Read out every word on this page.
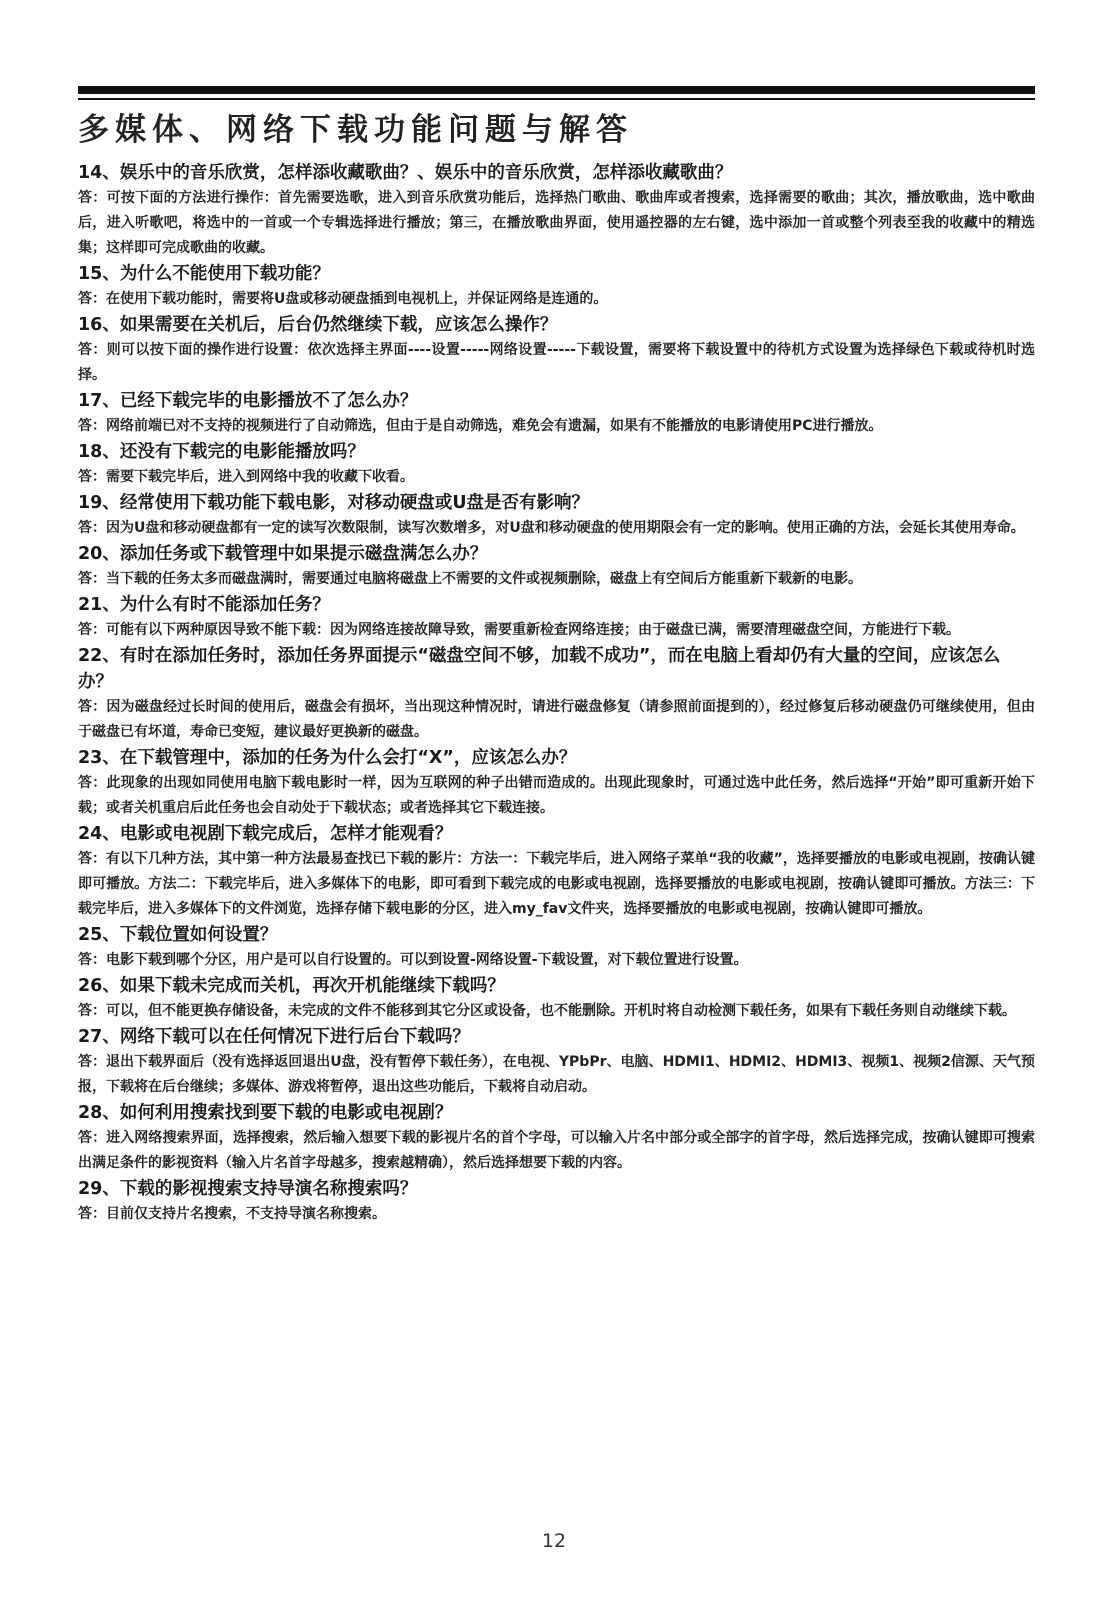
多媒体、网络下载功能问题与解答

14、娱乐中的音乐欣赏，怎样添收藏歌曲？、娱乐中的音乐欣赏，怎样添收藏歌曲？

答：可按下面的方法进行操作：首先需要选歌，进入到音乐欣赏功能后，选择热门歌曲、歌曲库或者搜索，选择需要的歌曲；其次，播放歌曲，选中歌曲后，进入听歌吧，将选中的一首或一个专辑选择进行播放；第三，在播放歌曲界面，使用遥控器的左右键，选中添加一首或整个列表至我的收藏中的精选集；这样即可完成歌曲的收藏。

15、为什么不能使用下载功能？

答：在使用下载功能时，需要将U盘或移动硬盘插到电视机上，并保证网络是连通的。

16、如果需要在关机后，后台仍然继续下载，应该怎么操作？

答：则可以按下面的操作进行设置：依次选择主界面----设置-----网络设置-----下载设置，需要将下载设置中的待机方式设置为选择绿色下载或待机时选择。

17、已经下载完毕的电影播放不了怎么办？

答：网络前端已对不支持的视频进行了自动筛选，但由于是自动筛选，难免会有遗漏，如果有不能播放的电影请使用PC进行播放。

18、还没有下载完的电影能播放吗？

答：需要下载完毕后，进入到网络中我的收藏下收看。

19、经常使用下载功能下载电影，对移动硬盘或U盘是否有影响？

答：因为U盘和移动硬盘都有一定的读写次数限制，读写次数增多，对U盘和移动硬盘的使用期限会有一定的影响。使用正确的方法，会延长其使用寿命。

20、添加任务或下载管理中如果提示磁盘满怎么办？

答：当下载的任务太多而磁盘满时，需要通过电脑将磁盘上不需要的文件或视频删除，磁盘上有空间后方能重新下载新的电影。

21、为什么有时不能添加任务？

答：可能有以下两种原因导致不能下载：因为网络连接故障导致，需要重新检查网络连接；由于磁盘已满，需要清理磁盘空间，方能进行下载。

22、有时在添加任务时，添加任务界面提示“磁盘空间不够，加载不成功”，而在电脑上看却仍有大量的空间，应该怎么办？

答：因为磁盘经过长时间的使用后，磁盘会有损坏，当出现这种情况时，请进行磁盘修复（请参照前面提到的），经过修复后移动硬盘仍可继续使用，但由于磁盘已有坏道，寿命已变短，建议最好更换新的磁盘。

23、在下载管理中，添加的任务为什么会打“X”，应该怎么办？

答：此现象的出现如同使用电脑下载电影时一样，因为互联网的种子出错而造成的。出现此现象时，可通过选中此任务，然后选择“开始”即可重新开始下载；或者关机重启后此任务也会自动处于下载状态；或者选择其它下载连接。

24、电影或电视剧下载完成后，怎样才能观看？

答：有以下几种方法，其中第一种方法最易查找已下载的影片：方法一：下载完毕后，进入网络子菜单“我的收藏”，选择要播放的电影或电视剧，按确认键即可播放。方法二：下载完毕后，进入多媒体下的电影，即可看到下载完成的电影或电视剧，选择要播放的电影或电视剧，按确认键即可播放。方法三：下载完毕后，进入多媒体下的文件浏览，选择存储下载电影的分区，进入my_fav文件夹，选择要播放的电影或电视剧，按确认键即可播放。

25、下载位置如何设置？

答：电影下载到哪个分区，用户是可以自行设置的。可以到设置-网络设置-下载设置，对下载位置进行设置。

26、如果下载未完成而关机，再次开机能继续下载吗？

答：可以，但不能更换存储设备，未完成的文件不能移到其它分区或设备，也不能删除。开机时将自动检测下载任务，如果有下载任务则自动继续下载。

27、网络下载可以在任何情况下进行后台下载吗？

答：退出下载界面后（没有选择返回退出U盘，没有暂停下载任务），在电视、YPbPr、电脑、HDMI1、HDMI2、HDMI3、视频1、视频2信源、天气预报，下载将在后台继续；多媒体、游戏将暂停，退出这些功能后，下载将自动启动。

28、如何利用搜索找到要下载的电影或电视剧？

答：进入网络搜索界面，选择搜索，然后输入想要下载的影视片名的首个字母，可以输入片名中部分或全部字的首字母，然后选择完成，按确认键即可搜索出满足条件的影视资料（输入片名首字母越多，搜索越精确），然后选择想要下载的内容。

29、下载的影视搜索支持导演名称搜索吗？

答：目前仅支持片名搜索，不支持导演名称搜索。

12
